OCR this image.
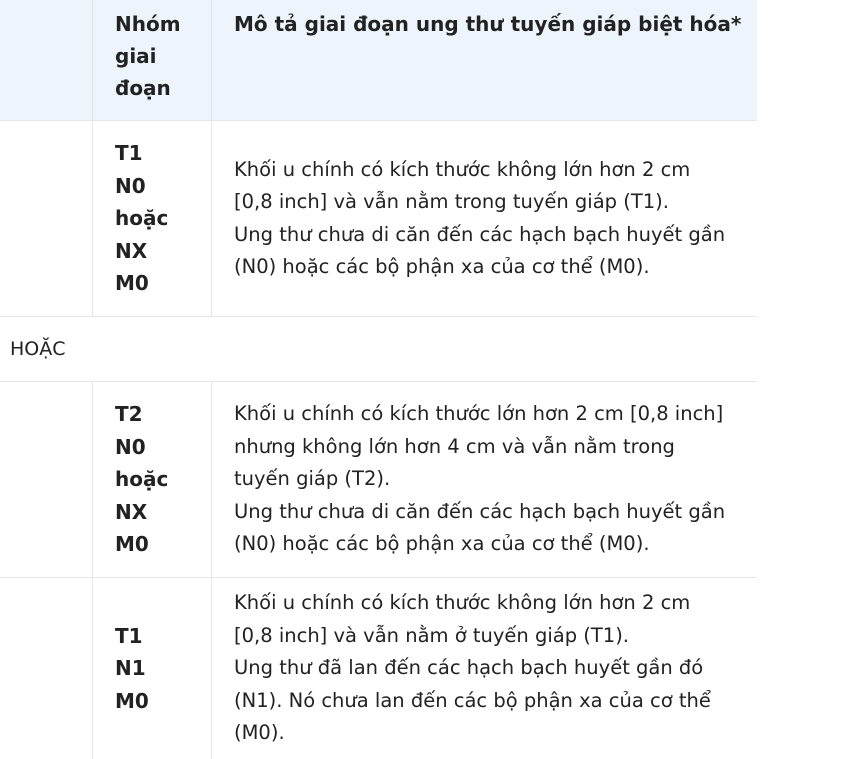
Nhóm
giai
đoạn
Mô tả giai đoạn ung thư tuyến giáp biệt hóa*
T1
N0
hoặc
NX
M0
Khối u chính có kích thước không lớn hơn 2 cm
[0,8 inch] và vẫn nằm trong tuyến giáp (T1).
Ung thư chưa di căn đến các hạch bạch huyết gần
(N0) hoặc các bộ phận xa của cơ thể (M0).
HOẶC
T2
N0
hoặc
NX
M0
Khối u chính có kích thước lớn hơn 2 cm [0,8 inch]
nhưng không lớn hơn 4 cm và vẫn nằm trong
tuyến giáp (T2).
Ung thư chưa di căn đến các hạch bạch huyết gần
(N0) hoặc các bộ phận xa của cơ thể (M0).
T1
N1
M0
Khối u chính có kích thước không lớn hơn 2 cm
[0,8 inch] và vẫn nằm ở tuyến giáp (T1).
Ung thư đã lan đến các hạch bạch huyết gần đó
(N1). Nó chưa lan đến các bộ phận xa của cơ thể
(M0).
